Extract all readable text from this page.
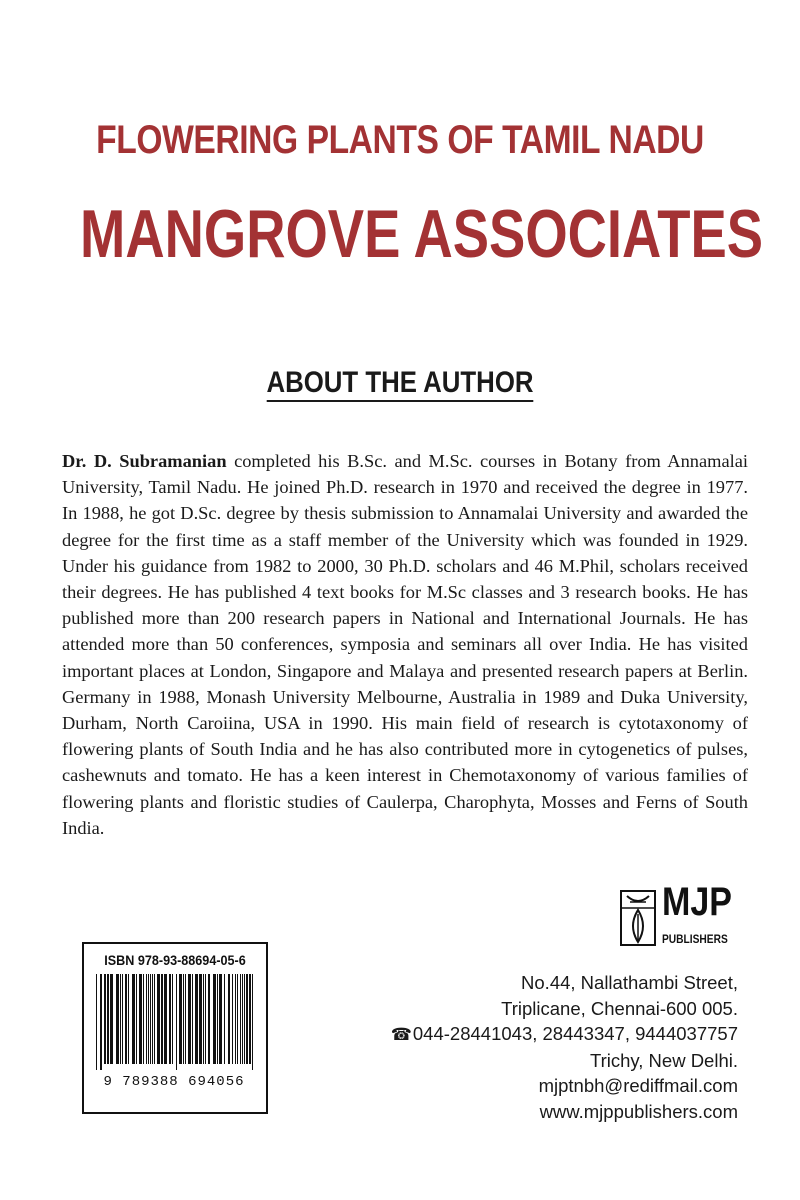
FLOWERING PLANTS OF TAMIL NADU
MANGROVE ASSOCIATES
ABOUT THE AUTHOR
Dr. D. Subramanian completed his B.Sc. and M.Sc. courses in Botany from Annamalai University, Tamil Nadu. He joined Ph.D. research in 1970 and received the degree in 1977. In 1988, he got D.Sc. degree by thesis submission to Annamalai University and awarded the degree for the first time as a staff member of the University which was founded in 1929. Under his guidance from 1982 to 2000, 30 Ph.D. scholars and 46 M.Phil, scholars received their degrees. He has published 4 text books for M.Sc classes and 3 research books. He has published more than 200 research papers in National and International Journals. He has attended more than 50 conferences, symposia and seminars all over India. He has visited important places at London, Singapore and Malaya and presented research papers at Berlin. Germany in 1988, Monash University Melbourne, Australia in 1989 and Duka University, Durham, North Caroiina, USA in 1990. His main field of research is cytotaxonomy of flowering plants of South India and he has also contributed more in cytogenetics of pulses, cashewnuts and tomato. He has a keen interest in Chemotaxonomy of various families of flowering plants and floristic studies of Caulerpa, Charophyta, Mosses and Ferns of South India.
MJP
PUBLISHERS
ISBN 978-93-88694-05-6
9 789388 694056
No.44, Nallathambi Street,
Triplicane, Chennai-600 005.
☎044-28441043, 28443347, 9444037757
Trichy, New Delhi.
mjptnbh@rediffmail.com
www.mjppublishers.com
